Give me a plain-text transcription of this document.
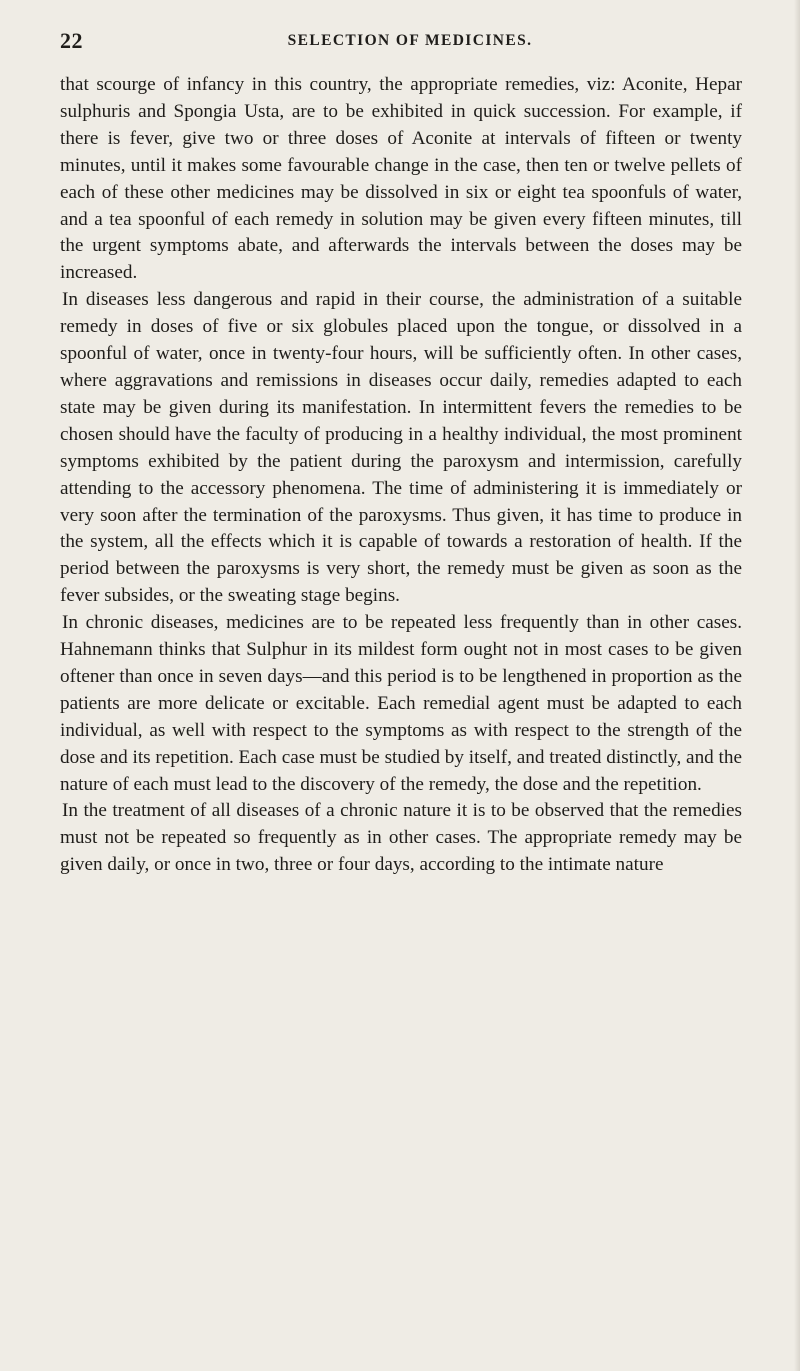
22	SELECTION OF MEDICINES.

that scourge of infancy in this country, the appropriate remedies, viz: Aconite, Hepar sulphuris and Spongia Usta, are to be exhibited in quick succession. For example, if there is fever, give two or three doses of Aconite at intervals of fifteen or twenty minutes, until it makes some favourable change in the case, then ten or twelve pellets of each of these other medicines may be dissolved in six or eight tea spoonfuls of water, and a tea spoonful of each remedy in solution may be given every fifteen minutes, till the urgent symptoms abate, and afterwards the intervals between the doses may be increased.

In diseases less dangerous and rapid in their course, the administration of a suitable remedy in doses of five or six globules placed upon the tongue, or dissolved in a spoonful of water, once in twenty-four hours, will be sufficiently often. In other cases, where aggravations and remissions in diseases occur daily, remedies adapted to each state may be given during its manifestation. In intermittent fevers the remedies to be chosen should have the faculty of producing in a healthy individual, the most prominent symptoms exhibited by the patient during the paroxysm and intermission, carefully attending to the accessory phenomena. The time of administering it is immediately or very soon after the termination of the paroxysms. Thus given, it has time to produce in the system, all the effects which it is capable of towards a restoration of health. If the period between the paroxysms is very short, the remedy must be given as soon as the fever subsides, or the sweating stage begins.

In chronic diseases, medicines are to be repeated less frequently than in other cases. Hahnemann thinks that Sulphur in its mildest form ought not in most cases to be given oftener than once in seven days—and this period is to be lengthened in proportion as the patients are more delicate or excitable. Each remedial agent must be adapted to each individual, as well with respect to the symptoms as with respect to the strength of the dose and its repetition. Each case must be studied by itself, and treated distinctly, and the nature of each must lead to the discovery of the remedy, the dose and the repetition.

In the treatment of all diseases of a chronic nature it is to be observed that the remedies must not be repeated so frequently as in other cases. The appropriate remedy may be given daily, or once in two, three or four days, according to the intimate nature
